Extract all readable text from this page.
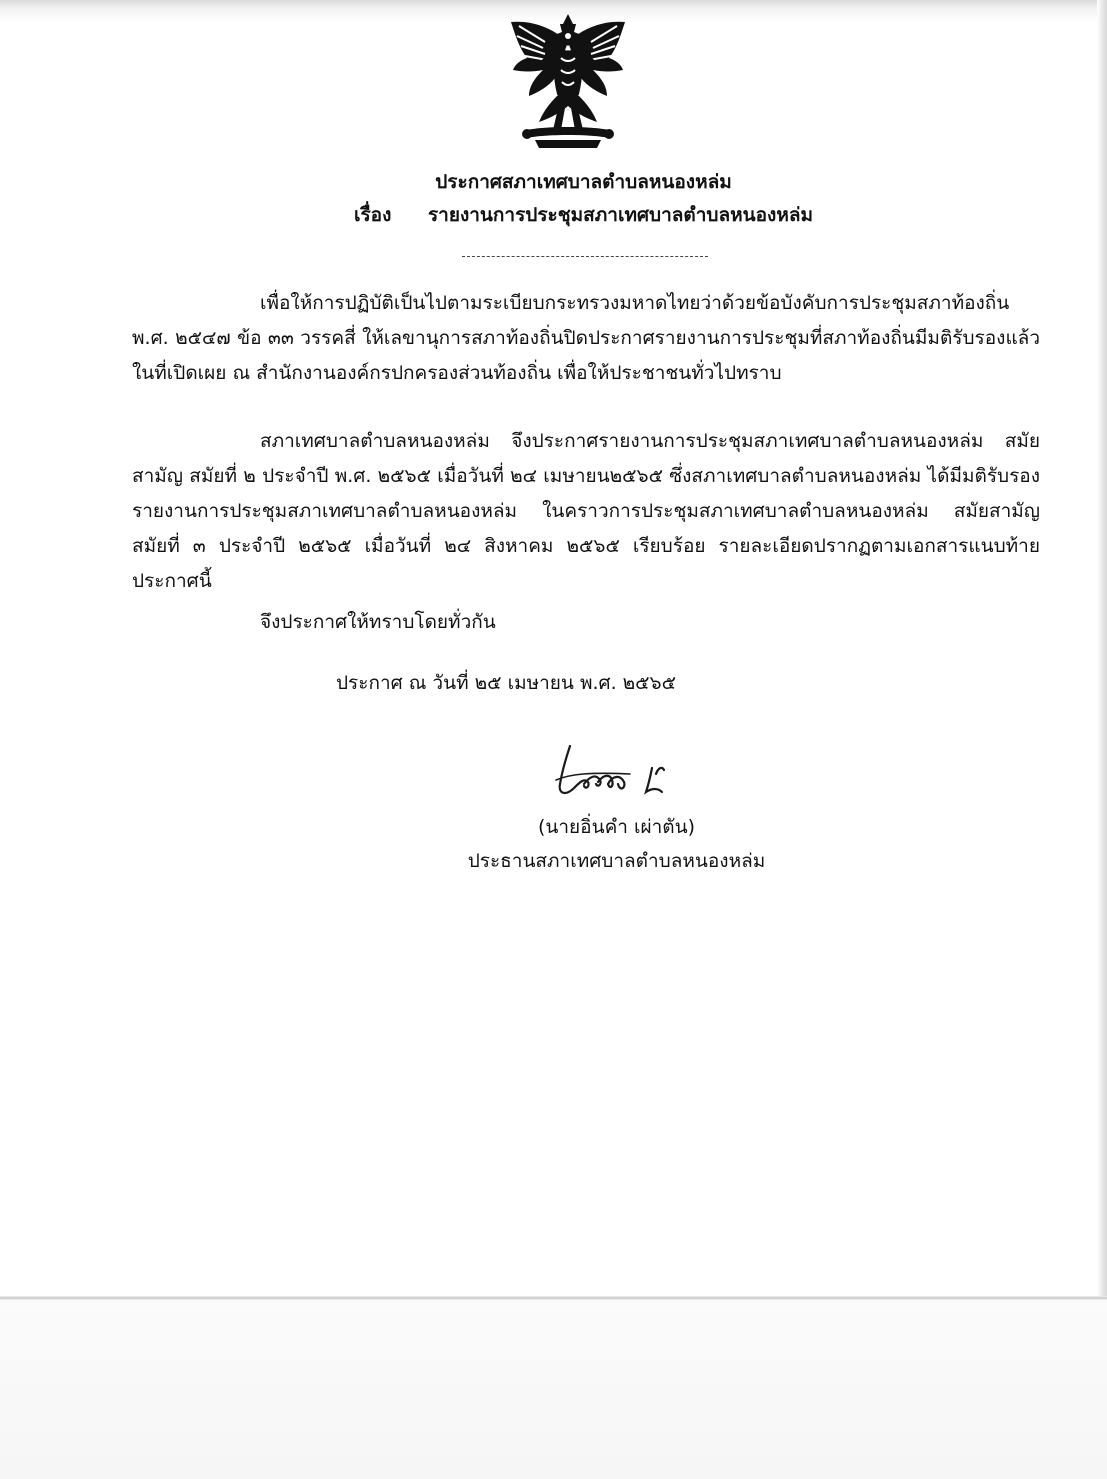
ประกาศสภาเทศบาลตำบลหนองหล่ม
เรื่อง รายงานการประชุมสภาเทศบาลตำบลหนองหล่ม
เพื่อให้การปฏิบัติเป็นไปตามระเบียบกระทรวงมหาดไทยว่าด้วยข้อบังคับการประชุมสภาท้องถิ่น พ.ศ. ๒๕๔๗ ข้อ ๓๓ วรรคสี่ ให้เลขานุการสภาท้องถิ่นปิดประกาศรายงานการประชุมที่สภาท้องถิ่นมีมติรับรองแล้วในที่เปิดเผย ณ สำนักงานองค์กรปกครองส่วนท้องถิ่น เพื่อให้ประชาชนทั่วไปทราบ
สภาเทศบาลตำบลหนองหล่ม จึงประกาศรายงานการประชุมสภาเทศบาลตำบลหนองหล่ม สมัยสามัญ สมัยที่ ๒ ประจำปี พ.ศ. ๒๕๖๕ เมื่อวันที่ ๒๔ เมษายน๒๕๖๕ ซึ่งสภาเทศบาลตำบลหนองหล่ม ได้มีมติรับรองรายงานการประชุมสภาเทศบาลตำบลหนองหล่ม ในคราวการประชุมสภาเทศบาลตำบลหนองหล่ม สมัยสามัญ สมัยที่ ๓ ประจำปี ๒๕๖๕ เมื่อวันที่ ๒๔ สิงหาคม ๒๕๖๕ เรียบร้อย รายละเอียดปรากฏตามเอกสารแนบท้ายประกาศนี้
จึงประกาศให้ทราบโดยทั่วกัน
ประกาศ ณ วันที่ ๒๕ เมษายน พ.ศ. ๒๕๖๕
(นายอิ่นคำ เผ่าตัน)
ประธานสภาเทศบาลตำบลหนองหล่ม
